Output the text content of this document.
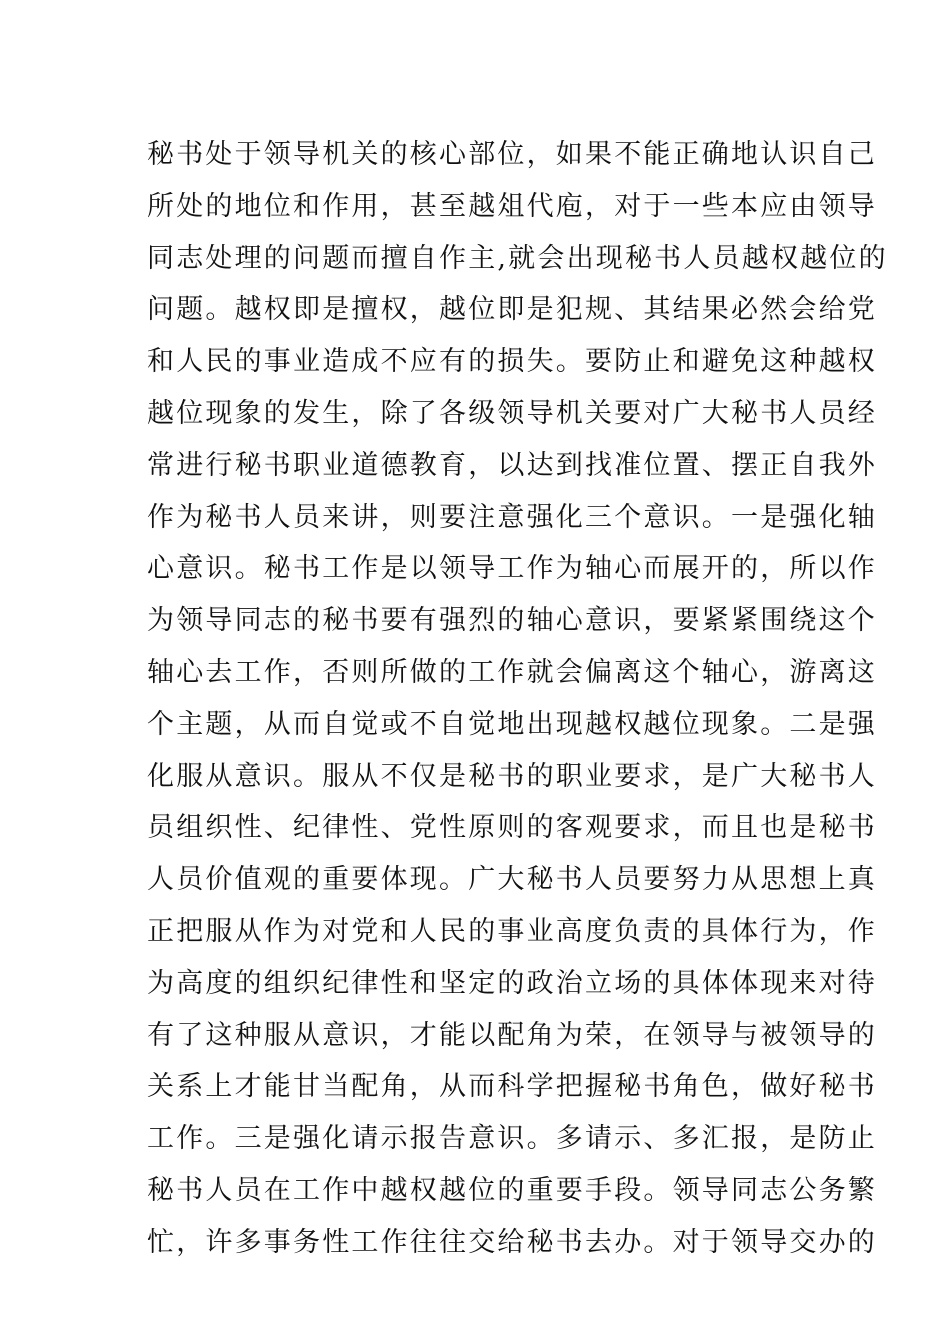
秘书处于领导机关的核心部位，如果不能正确地认识自己
所处的地位和作用，甚至越俎代庖，对于一些本应由领导
同志处理的问题而擅自作主,就会出现秘书人员越权越位的
问题。越权即是擅权，越位即是犯规、其结果必然会给党
和人民的事业造成不应有的损失。要防止和避免这种越权
越位现象的发生，除了各级领导机关要对广大秘书人员经
常进行秘书职业道德教育，以达到找准位置、摆正自我外
作为秘书人员来讲，则要注意强化三个意识。一是强化轴
心意识。秘书工作是以领导工作为轴心而展开的，所以作
为领导同志的秘书要有强烈的轴心意识，要紧紧围绕这个
轴心去工作，否则所做的工作就会偏离这个轴心，游离这
个主题，从而自觉或不自觉地出现越权越位现象。二是强
化服从意识。服从不仅是秘书的职业要求，是广大秘书人
员组织性、纪律性、党性原则的客观要求，而且也是秘书
人员价值观的重要体现。广大秘书人员要努力从思想上真
正把服从作为对党和人民的事业高度负责的具体行为，作
为高度的组织纪律性和坚定的政治立场的具体体现来对待
有了这种服从意识，才能以配角为荣，在领导与被领导的
关系上才能甘当配角，从而科学把握秘书角色，做好秘书
工作。三是强化请示报告意识。多请示、多汇报，是防止
秘书人员在工作中越权越位的重要手段。领导同志公务繁
忙，许多事务性工作往往交给秘书去办。对于领导交办的
